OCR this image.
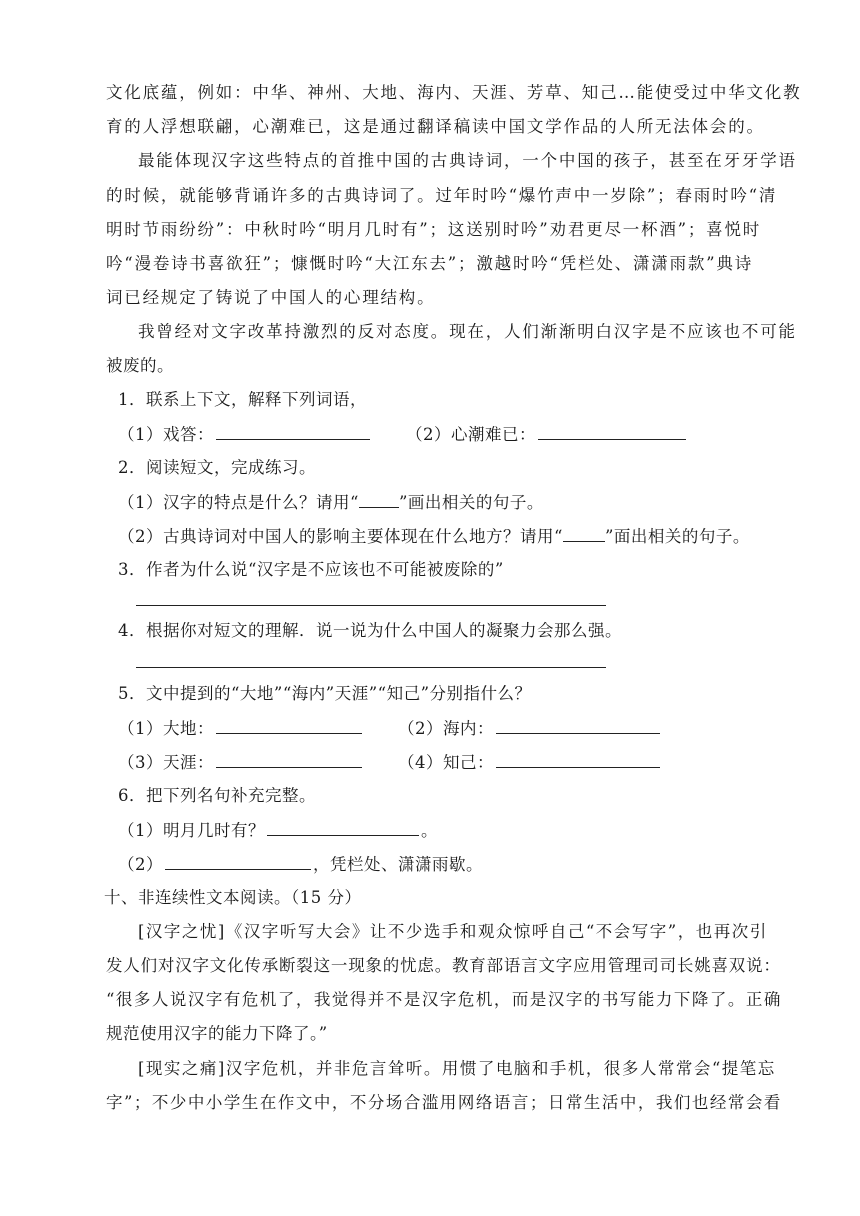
文化底蕴，例如：中华、神州、大地、海内、天涯、芳草、知己…能使受过中华文化教
育的人浮想联翩，心潮难已，这是通过翻译稿读中国文学作品的人所无法体会的。
最能体现汉字这些特点的首推中国的古典诗词，一个中国的孩子，甚至在牙牙学语
的时候，就能够背诵许多的古典诗词了。过年时吟“爆竹声中一岁除”；春雨时吟“清
明时节雨纷纷”：中秋时吟“明月几时有”；这送别时吟”劝君更尽一杯酒”；喜悦时
吟“漫卷诗书喜欲狂”；慷慨时吟“大江东去”；激越时吟“凭栏处、潇潇雨款”典诗
词已经规定了铸说了中国人的心理结构。
我曾经对文字改革持激烈的反对态度。现在，人们渐渐明白汉字是不应该也不可能
被废的。
1．联系上下文，解释下列词语，
（1）戏答：	（2）心潮难已：
2．阅读短文，完成练习。
（1）汉字的特点是什么？请用“ ”画出相关的句子。
（2）古典诗词对中国人的影响主要体现在什么地方？请用“	”面出相关的句子。
3．作者为什么说“汉字是不应该也不可能被废除的”
4．根据你对短文的理解．说一说为什么中国人的凝聚力会那么强。
5．文中提到的“大地”“海内”天涯”“知己”分别指什么？
（1）大地：	（2）海内：
（3）天涯：	（4）知己：
6．把下列名句补充完整。
（1）明月几时有？	。
（2）	，凭栏处、潇潇雨歇。
十、非连续性文本阅读。（15 分）
[汉字之忧]《汉字听写大会》让不少选手和观众惊呼自己“不会写字”，也再次引
发人们对汉字文化传承断裂这一现象的忧虑。教育部语言文字应用管理司司长姚喜双说：
“很多人说汉字有危机了，我觉得并不是汉字危机，而是汉字的书写能力下降了。正确
规范使用汉字的能力下降了。”
[现实之痛]汉字危机，并非危言耸听。用惯了电脑和手机，很多人常常会“提笔忘
字”；不少中小学生在作文中，不分场合滥用网络语言；日常生活中，我们也经常会看
